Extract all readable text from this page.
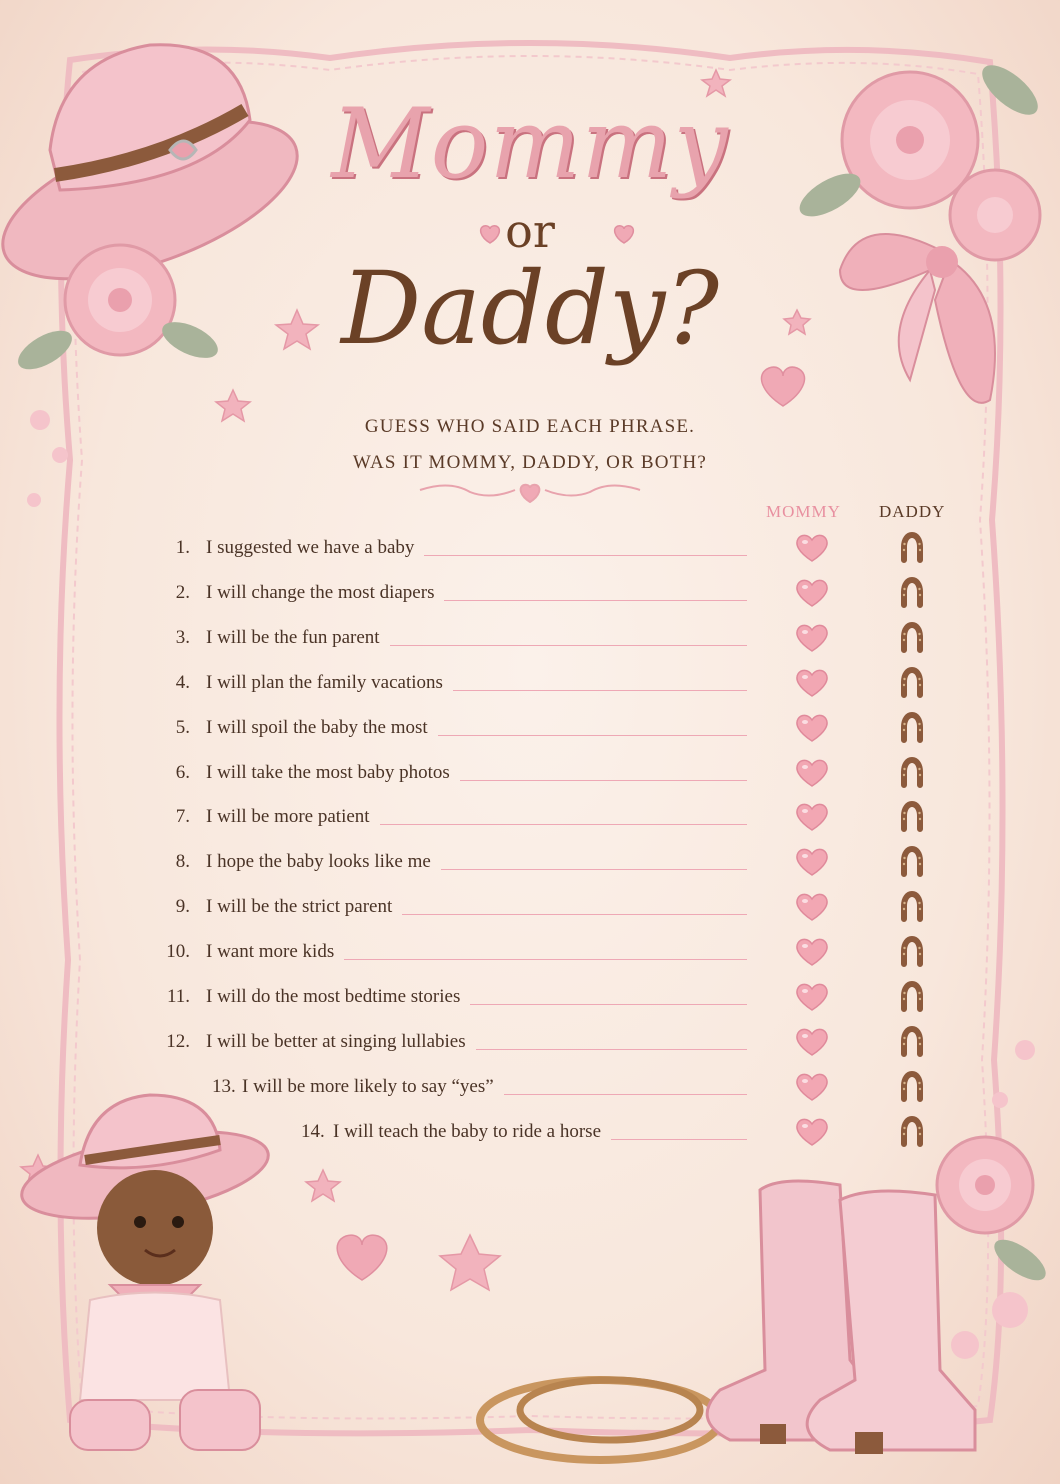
Mommy
or
Daddy?
GUESS WHO SAID EACH PHRASE.
WAS IT MOMMY, DADDY, OR BOTH?
MOMMY DADDY
1. I suggested we have a baby
2. I will change the most diapers
3. I will be the fun parent
4. I will plan the family vacations
5. I will spoil the baby the most
6. I will take the most baby photos
7. I will be more patient
8. I hope the baby looks like me
9. I will be the strict parent
10. I want more kids
11. I will do the most bedtime stories
12. I will be better at singing lullabies
13. I will be more likely to say “yes”
14. I will teach the baby to ride a horse
